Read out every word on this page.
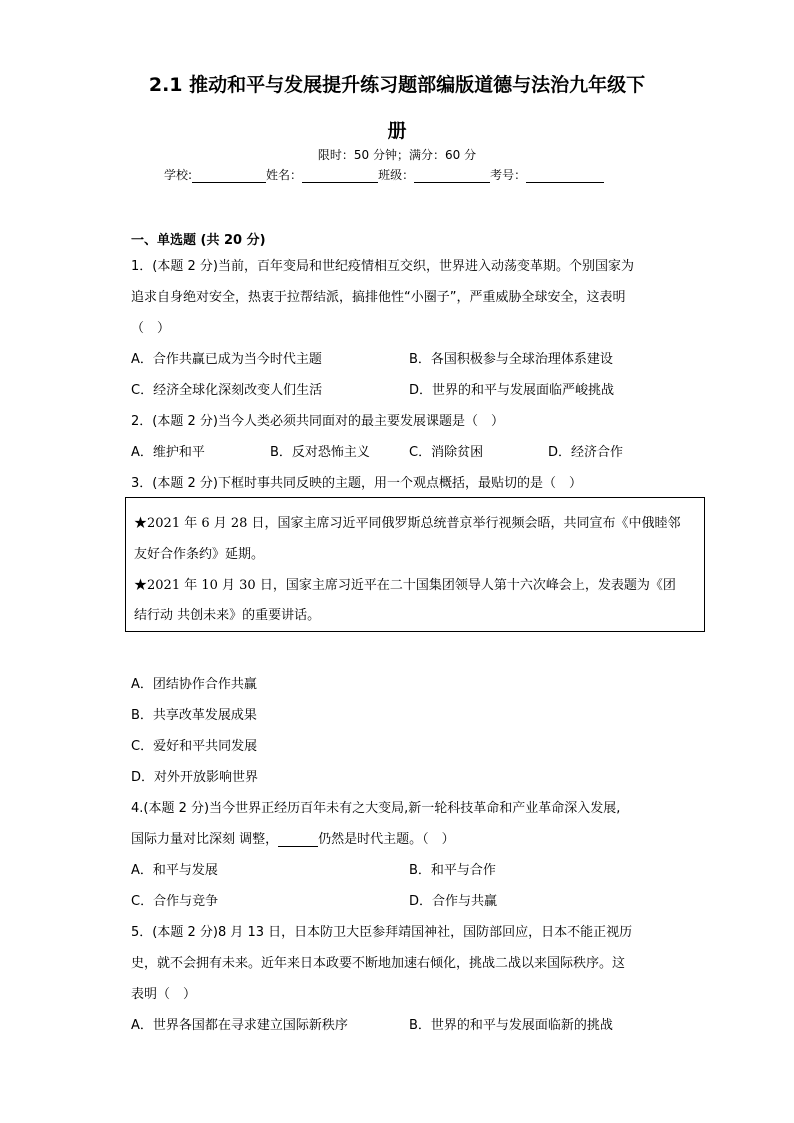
2.1 推动和平与发展提升练习题部编版道德与法治九年级下
册
限时：50 分钟；满分：60 分
学校:	姓名：	班级：	考号：
一、单选题 (共 20 分)
1．(本题 2 分)当前，百年变局和世纪疫情相互交织，世界进入动荡变革期。个别国家为
追求自身绝对安全，热衷于拉帮结派，搞排他性“小圈子”，严重威胁全球安全，这表明
（　）
A．合作共赢已成为当今时代主题	B．各国积极参与全球治理体系建设
C．经济全球化深刻改变人们生活	D．世界的和平与发展面临严峻挑战
2．(本题 2 分)当今人类必须共同面对的最主要发展课题是（　）
A．维护和平	B．反对恐怖主义	C．消除贫困	D．经济合作
3．(本题 2 分)下框时事共同反映的主题，用一个观点概括，最贴切的是（　）
★2021 年 6 月 28 日，国家主席习近平同俄罗斯总统普京举行视频会晤，共同宣布《中俄睦邻
友好合作条约》延期。
★2021 年 10 月 30 日，国家主席习近平在二十国集团领导人第十六次峰会上，发表题为《团
结行动 共创未来》的重要讲话。
A．团结协作合作共赢
B．共享改革发展成果
C．爱好和平共同发展
D．对外开放影响世界
4.(本题 2 分)当今世界正经历百年未有之大变局,新一轮科技革命和产业革命深入发展,
国际力量对比深刻 调整，	仍然是时代主题。（　）
A．和平与发展	B．和平与合作
C．合作与竞争	D．合作与共赢
5．(本题 2 分)8 月 13 日，日本防卫大臣参拜靖国神社，国防部回应，日本不能正视历
史，就不会拥有未来。近年来日本政要不断地加速右倾化，挑战二战以来国际秩序。这
表明（　）
A．世界各国都在寻求建立国际新秩序	B．世界的和平与发展面临新的挑战
